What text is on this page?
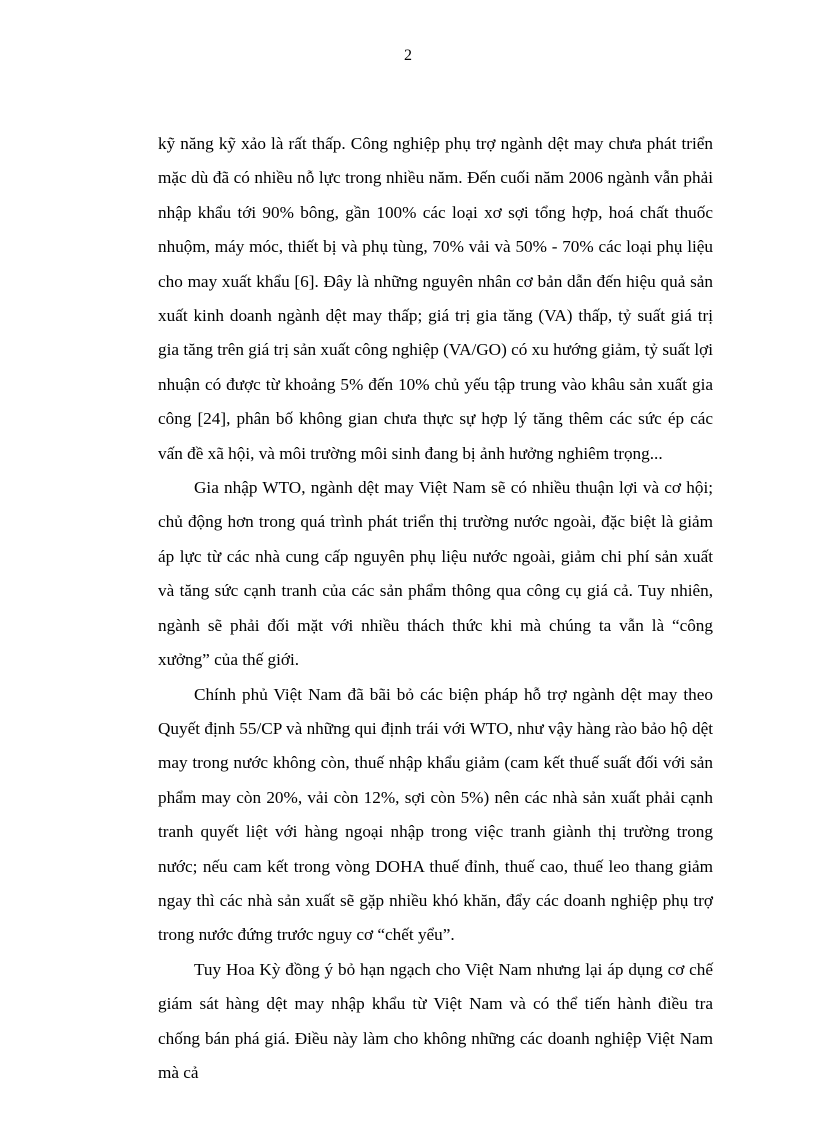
2

kỹ năng kỹ xảo là rất thấp. Công nghiệp phụ trợ ngành dệt may chưa phát triển mặc dù đã có nhiều nỗ lực trong nhiều năm. Đến cuối năm 2006 ngành vẫn phải nhập khẩu tới 90% bông, gần 100% các loại xơ sợi tổng hợp, hoá chất thuốc nhuộm, máy móc, thiết bị và phụ tùng, 70% vải và 50% - 70% các loại phụ liệu cho may xuất khẩu [6]. Đây là những nguyên nhân cơ bản dẫn đến hiệu quả sản xuất kinh doanh ngành dệt may thấp; giá trị gia tăng (VA) thấp, tỷ suất giá trị gia tăng trên giá trị sản xuất công nghiệp (VA/GO) có xu hướng giảm, tỷ suất lợi nhuận có được từ khoảng 5% đến 10% chủ yếu tập trung vào khâu sản xuất gia công [24], phân bố không gian chưa thực sự hợp lý tăng thêm các sức ép các vấn đề xã hội, và môi trường môi sinh đang bị ảnh hưởng nghiêm trọng...

Gia nhập WTO, ngành dệt may Việt Nam sẽ có nhiều thuận lợi và cơ hội; chủ động hơn trong quá trình phát triển thị trường nước ngoài, đặc biệt là giảm áp lực từ các nhà cung cấp nguyên phụ liệu nước ngoài, giảm chi phí sản xuất và tăng sức cạnh tranh của các sản phẩm thông qua công cụ giá cả. Tuy nhiên, ngành sẽ phải đối mặt với nhiều thách thức khi mà chúng ta vẫn là “công xưởng” của thế giới.

Chính phủ Việt Nam đã bãi bỏ các biện pháp hỗ trợ ngành dệt may theo Quyết định 55/CP và những qui định trái với WTO, như vậy hàng rào bảo hộ dệt may trong nước không còn, thuế nhập khẩu giảm (cam kết thuế suất đối với sản phẩm may còn 20%, vải còn 12%, sợi còn 5%) nên các nhà sản xuất phải cạnh tranh quyết liệt với hàng ngoại nhập trong việc tranh giành thị trường trong nước; nếu cam kết trong vòng DOHA thuế đỉnh, thuế cao, thuế leo thang giảm ngay thì các nhà sản xuất sẽ gặp nhiều khó khăn, đẩy các doanh nghiệp phụ trợ trong nước đứng trước nguy cơ “chết yểu”.

Tuy Hoa Kỳ đồng ý bỏ hạn ngạch cho Việt Nam nhưng lại áp dụng cơ chế giám sát hàng dệt may nhập khẩu từ Việt Nam và có thể tiến hành điều tra chống bán phá giá. Điều này làm cho không những các doanh nghiệp Việt Nam mà cả
